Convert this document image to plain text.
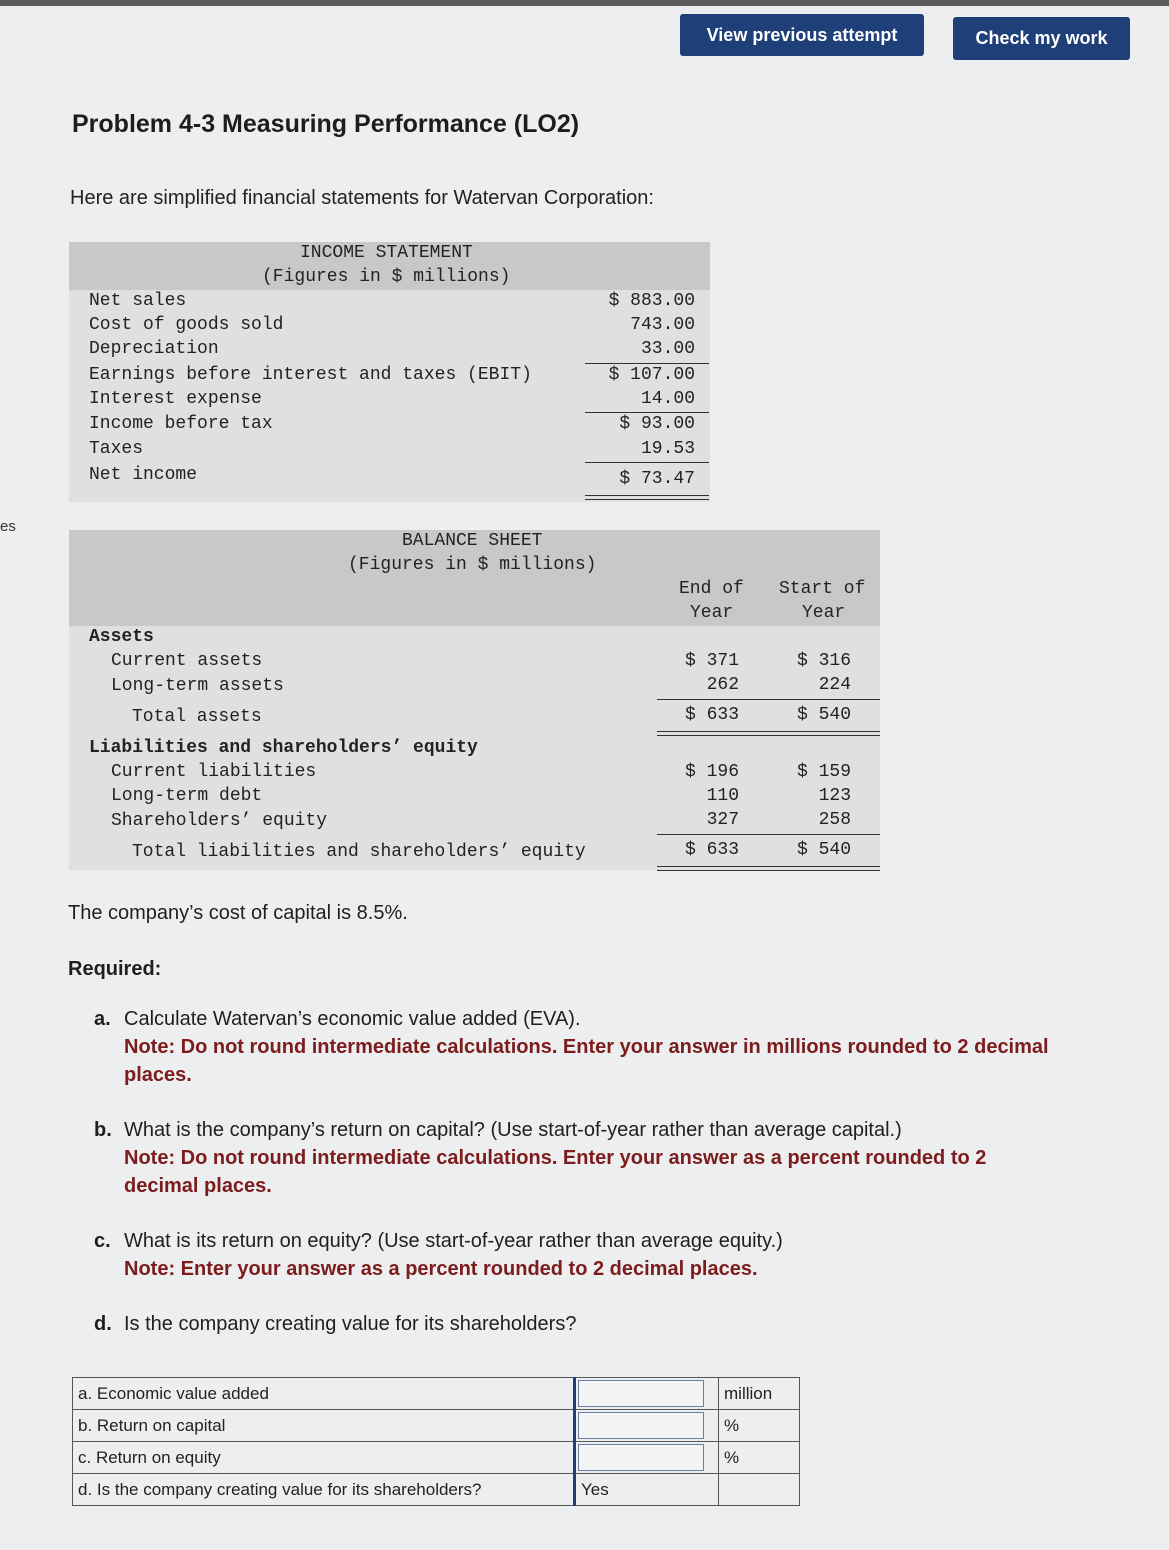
es
View previous attempt	Check my work
Problem 4-3 Measuring Performance (LO2)
Here are simplified financial statements for Watervan Corporation:
INCOME STATEMENT
(Figures in $ millions)
Net sales	$ 883.00
Cost of goods sold	743.00
Depreciation	33.00
Earnings before interest and taxes (EBIT)	$ 107.00
Interest expense	14.00
Income before tax	$ 93.00
Taxes	19.53
Net income	$ 73.47
BALANCE SHEET
(Figures in $ millions)
End of
Year
Start of
Year
Assets
Current assets	$ 371	$ 316
Long-term assets	262	224
Total assets	$ 633	$ 540
Liabilities and shareholders’ equity
Current liabilities	$ 196	$ 159
Long-term debt	110	123
Shareholders’ equity	327	258
Total liabilities and shareholders’ equity	$ 633	$ 540
The company’s cost of capital is 8.5%.
Required:
a. Calculate Watervan’s economic value added (EVA).
Note: Do not round intermediate calculations. Enter your answer in millions rounded to 2 decimal
places.
b. What is the company’s return on capital? (Use start-of-year rather than average capital.)
Note: Do not round intermediate calculations. Enter your answer as a percent rounded to 2
decimal places.
c. What is its return on equity? (Use start-of-year rather than average equity.)
Note: Enter your answer as a percent rounded to 2 decimal places.
d. Is the company creating value for its shareholders?
a. Economic value added		million
b. Return on capital		%
c. Return on equity		%
d. Is the company creating value for its shareholders?	Yes	
